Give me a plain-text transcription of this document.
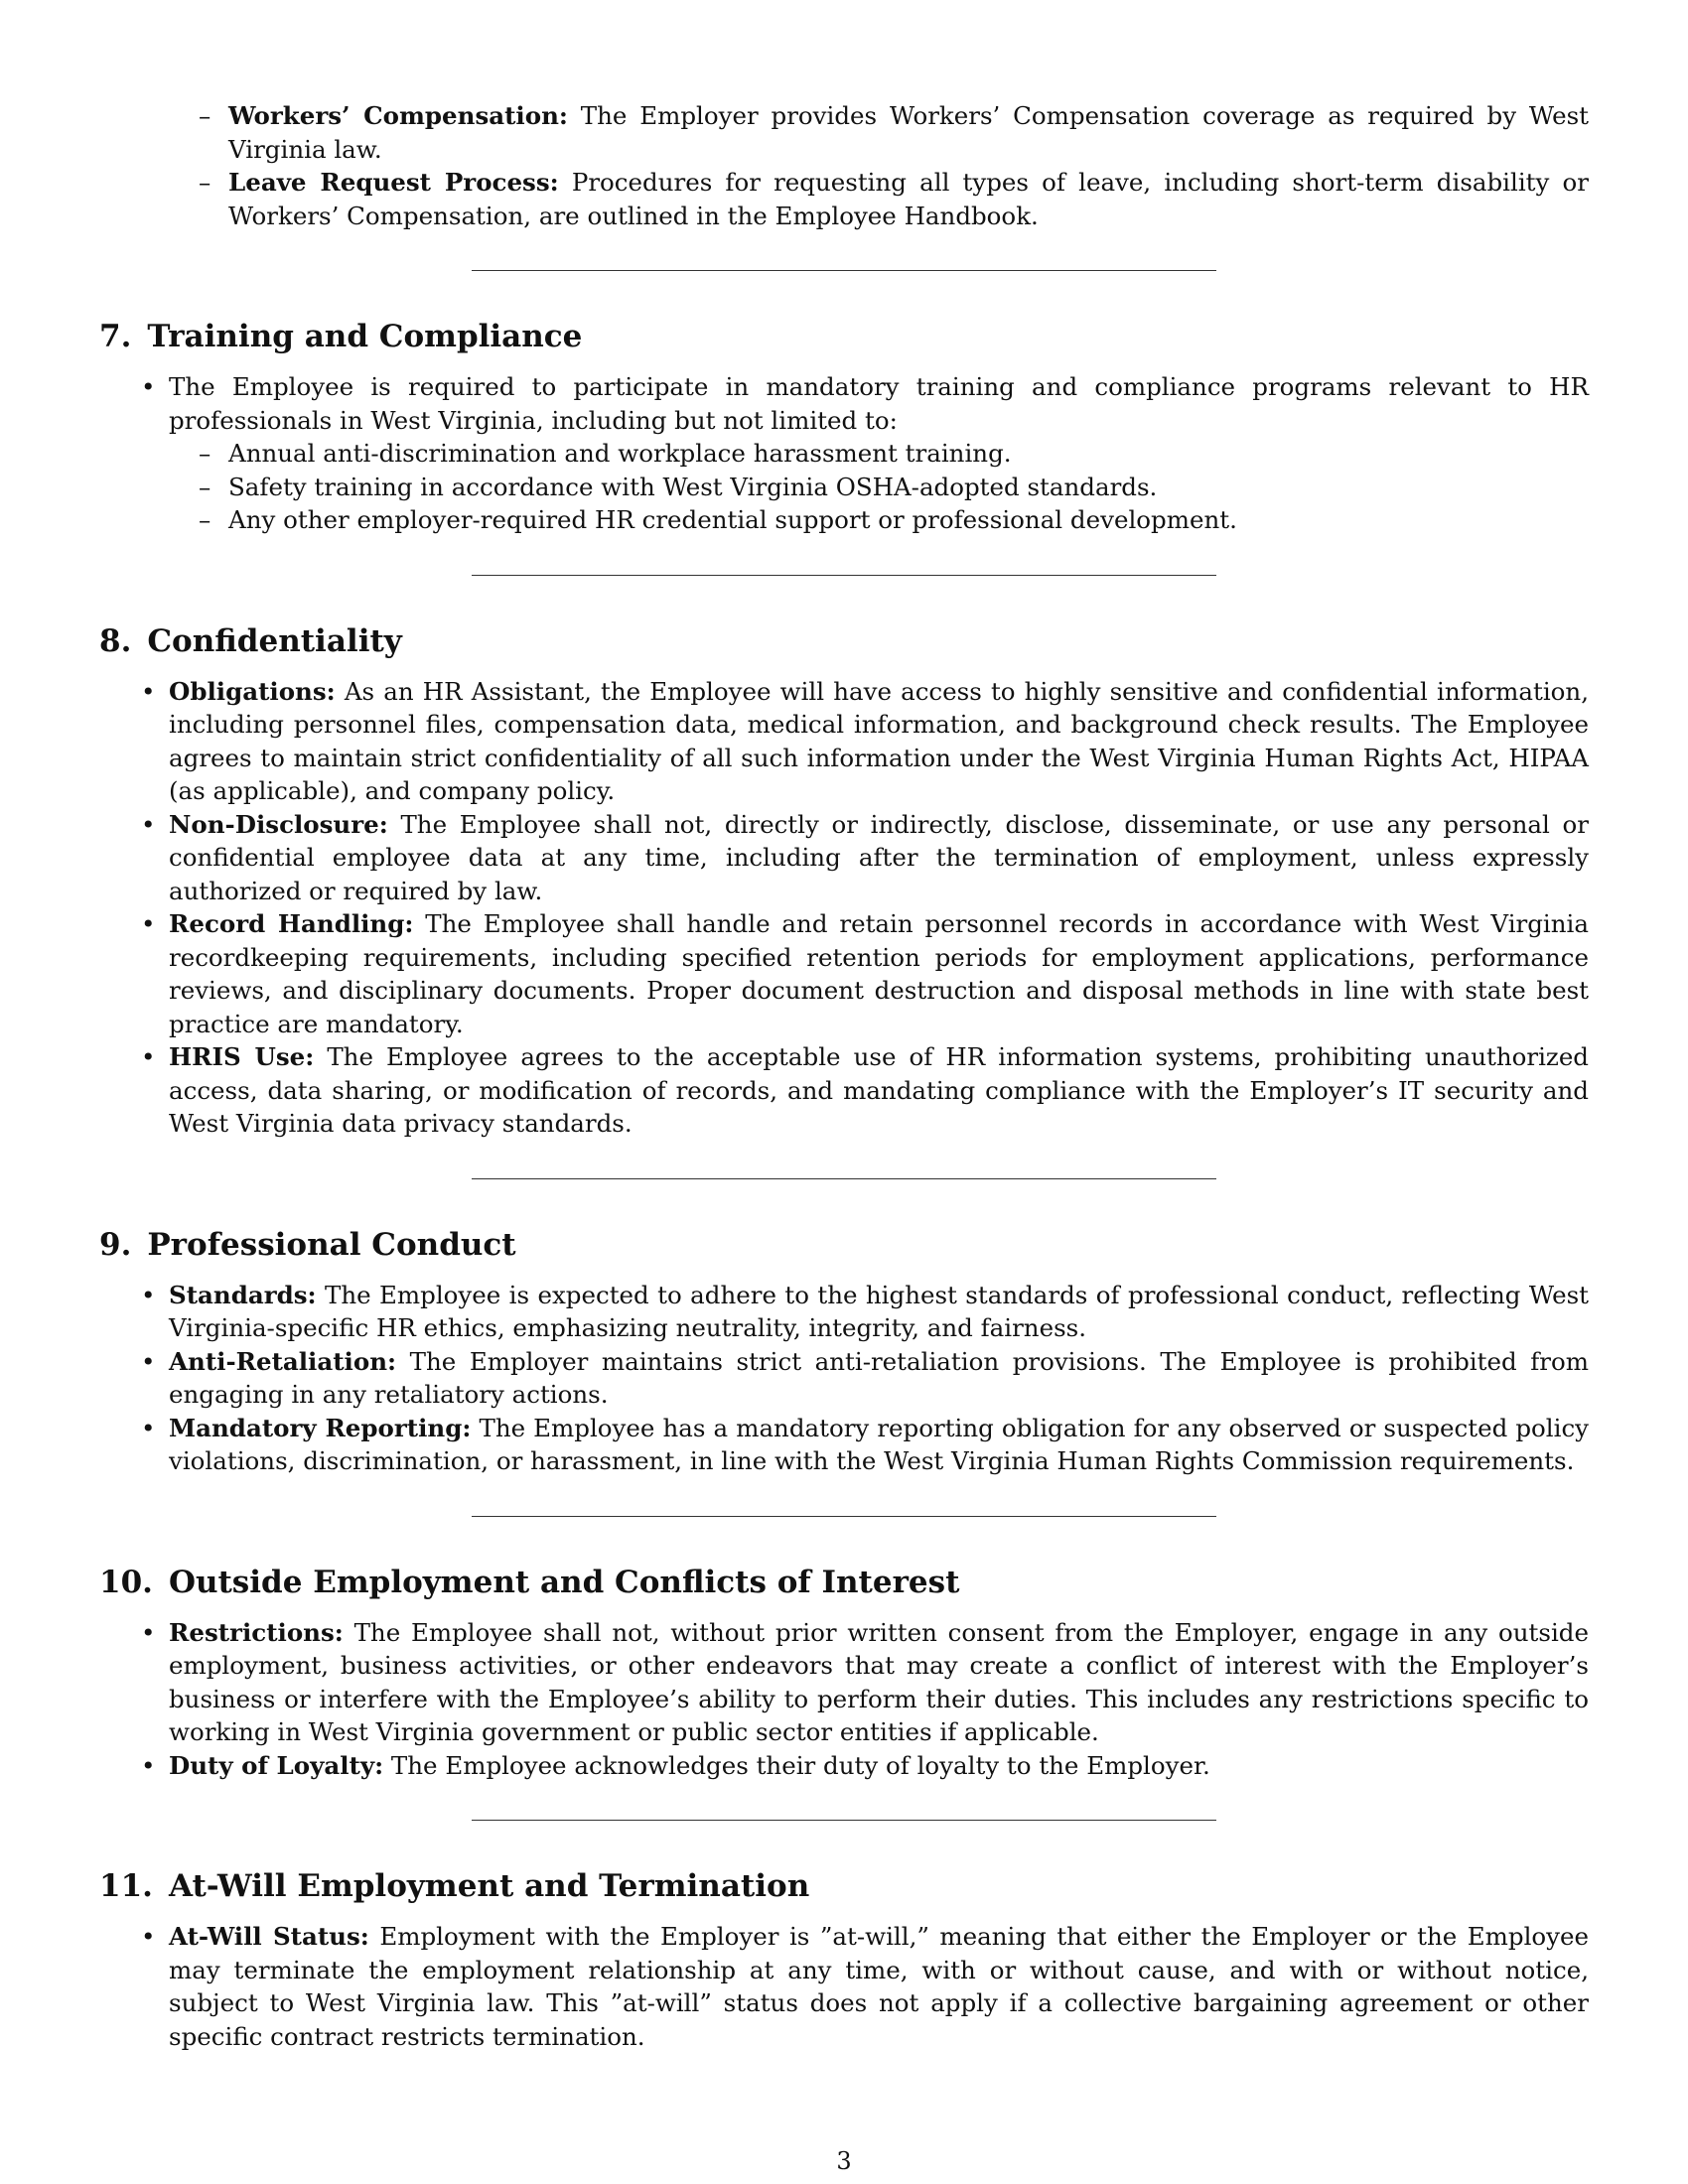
– Workers’ Compensation: The Employer provides Workers’ Compensation coverage as required by West Virginia law.
– Leave Request Process: Procedures for requesting all types of leave, including short-term disability or Workers’ Compensation, are outlined in the Employee Handbook.
7. Training and Compliance
• The Employee is required to participate in mandatory training and compliance programs relevant to HR professionals in West Virginia, including but not limited to:
– Annual anti-discrimination and workplace harassment training.
– Safety training in accordance with West Virginia OSHA-adopted standards.
– Any other employer-required HR credential support or professional development.
8. Confidentiality
• Obligations: As an HR Assistant, the Employee will have access to highly sensitive and confidential information, including personnel files, compensation data, medical information, and background check results. The Employee agrees to maintain strict confidentiality of all such information under the West Virginia Human Rights Act, HIPAA (as applicable), and company policy.
• Non-Disclosure: The Employee shall not, directly or indirectly, disclose, disseminate, or use any personal or confidential employee data at any time, including after the termination of employment, unless expressly authorized or required by law.
• Record Handling: The Employee shall handle and retain personnel records in accordance with West Virginia recordkeeping requirements, including specified retention periods for employment applications, performance reviews, and disciplinary documents. Proper document destruction and disposal methods in line with state best practice are mandatory.
• HRIS Use: The Employee agrees to the acceptable use of HR information systems, prohibiting unauthorized access, data sharing, or modification of records, and mandating compliance with the Employer’s IT security and West Virginia data privacy standards.
9. Professional Conduct
• Standards: The Employee is expected to adhere to the highest standards of professional conduct, reflecting West Virginia-specific HR ethics, emphasizing neutrality, integrity, and fairness.
• Anti-Retaliation: The Employer maintains strict anti-retaliation provisions. The Employee is prohibited from engaging in any retaliatory actions.
• Mandatory Reporting: The Employee has a mandatory reporting obligation for any observed or suspected policy violations, discrimination, or harassment, in line with the West Virginia Human Rights Commission requirements.
10. Outside Employment and Conflicts of Interest
• Restrictions: The Employee shall not, without prior written consent from the Employer, engage in any outside employment, business activities, or other endeavors that may create a conflict of interest with the Employer’s business or interfere with the Employee’s ability to perform their duties. This includes any restrictions specific to working in West Virginia government or public sector entities if applicable.
• Duty of Loyalty: The Employee acknowledges their duty of loyalty to the Employer.
11. At-Will Employment and Termination
• At-Will Status: Employment with the Employer is ”at-will,” meaning that either the Employer or the Employee may terminate the employment relationship at any time, with or without cause, and with or without notice, subject to West Virginia law. This ”at-will” status does not apply if a collective bargaining agreement or other specific contract restricts termination.
3
